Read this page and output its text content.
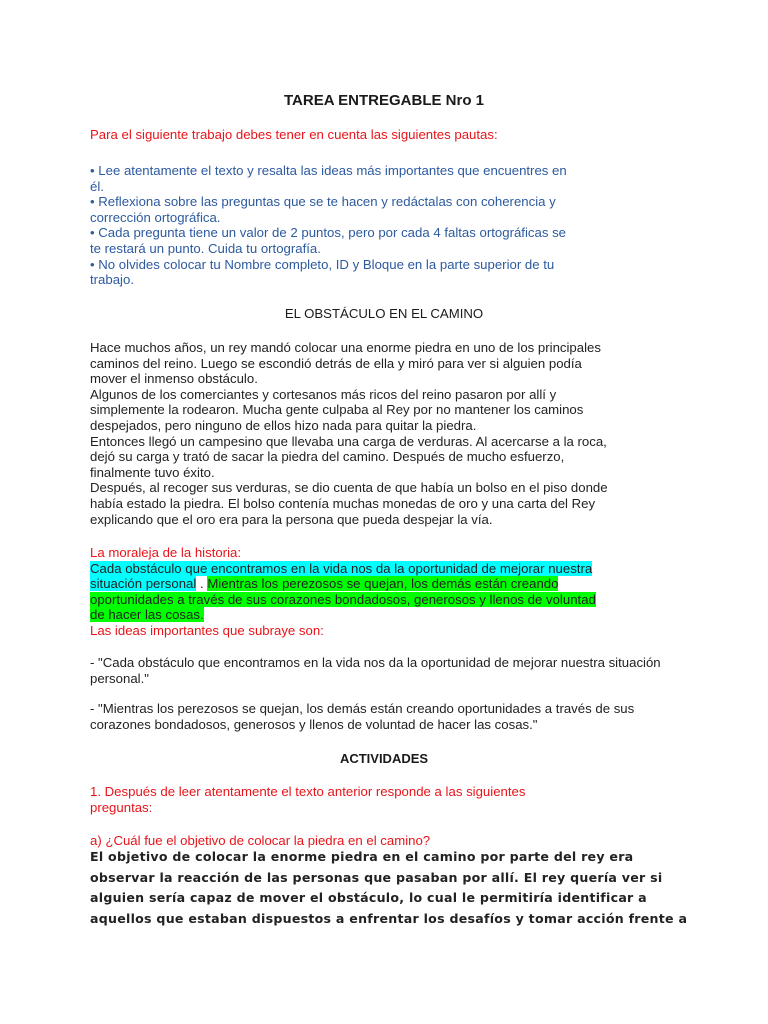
TAREA ENTREGABLE Nro 1
Para el siguiente trabajo debes tener en cuenta las siguientes pautas:
• Lee atentamente el texto y resalta las ideas más importantes que encuentres en
él.
• Reflexiona sobre las preguntas que se te hacen y redáctalas con coherencia y
corrección ortográfica.
• Cada pregunta tiene un valor de 2 puntos, pero por cada 4 faltas ortográficas se
te restará un punto. Cuida tu ortografía.
• No olvides colocar tu Nombre completo, ID y Bloque en la parte superior de tu
trabajo.
EL OBSTÁCULO EN EL CAMINO
Hace muchos años, un rey mandó colocar una enorme piedra en uno de los principales
caminos del reino. Luego se escondió detrás de ella y miró para ver si alguien podía
mover el inmenso obstáculo.
Algunos de los comerciantes y cortesanos más ricos del reino pasaron por allí y
simplemente la rodearon. Mucha gente culpaba al Rey por no mantener los caminos
despejados, pero ninguno de ellos hizo nada para quitar la piedra.
Entonces llegó un campesino que llevaba una carga de verduras. Al acercarse a la roca,
dejó su carga y trató de sacar la piedra del camino. Después de mucho esfuerzo,
finalmente tuvo éxito.
Después, al recoger sus verduras, se dio cuenta de que había un bolso en el piso donde
había estado la piedra. El bolso contenía muchas monedas de oro y una carta del Rey
explicando que el oro era para la persona que pueda despejar la vía.
La moraleja de la historia:
Cada obstáculo que encontramos en la vida nos da la oportunidad de mejorar nuestra
situación personal . Mientras los perezosos se quejan, los demás están creando
oportunidades a través de sus corazones bondadosos, generosos y llenos de voluntad
de hacer las cosas.
Las ideas importantes que subraye son:
- "Cada obstáculo que encontramos en la vida nos da la oportunidad de mejorar nuestra situación
personal."
- "Mientras los perezosos se quejan, los demás están creando oportunidades a través de sus
corazones bondadosos, generosos y llenos de voluntad de hacer las cosas."
ACTIVIDADES
1. Después de leer atentamente el texto anterior responde a las siguientes
preguntas:
a) ¿Cuál fue el objetivo de colocar la piedra en el camino?
El objetivo de colocar la enorme piedra en el camino por parte del rey era
observar la reacción de las personas que pasaban por allí. El rey quería ver si
alguien sería capaz de mover el obstáculo, lo cual le permitiría identificar a
aquellos que estaban dispuestos a enfrentar los desafíos y tomar acción frente a
